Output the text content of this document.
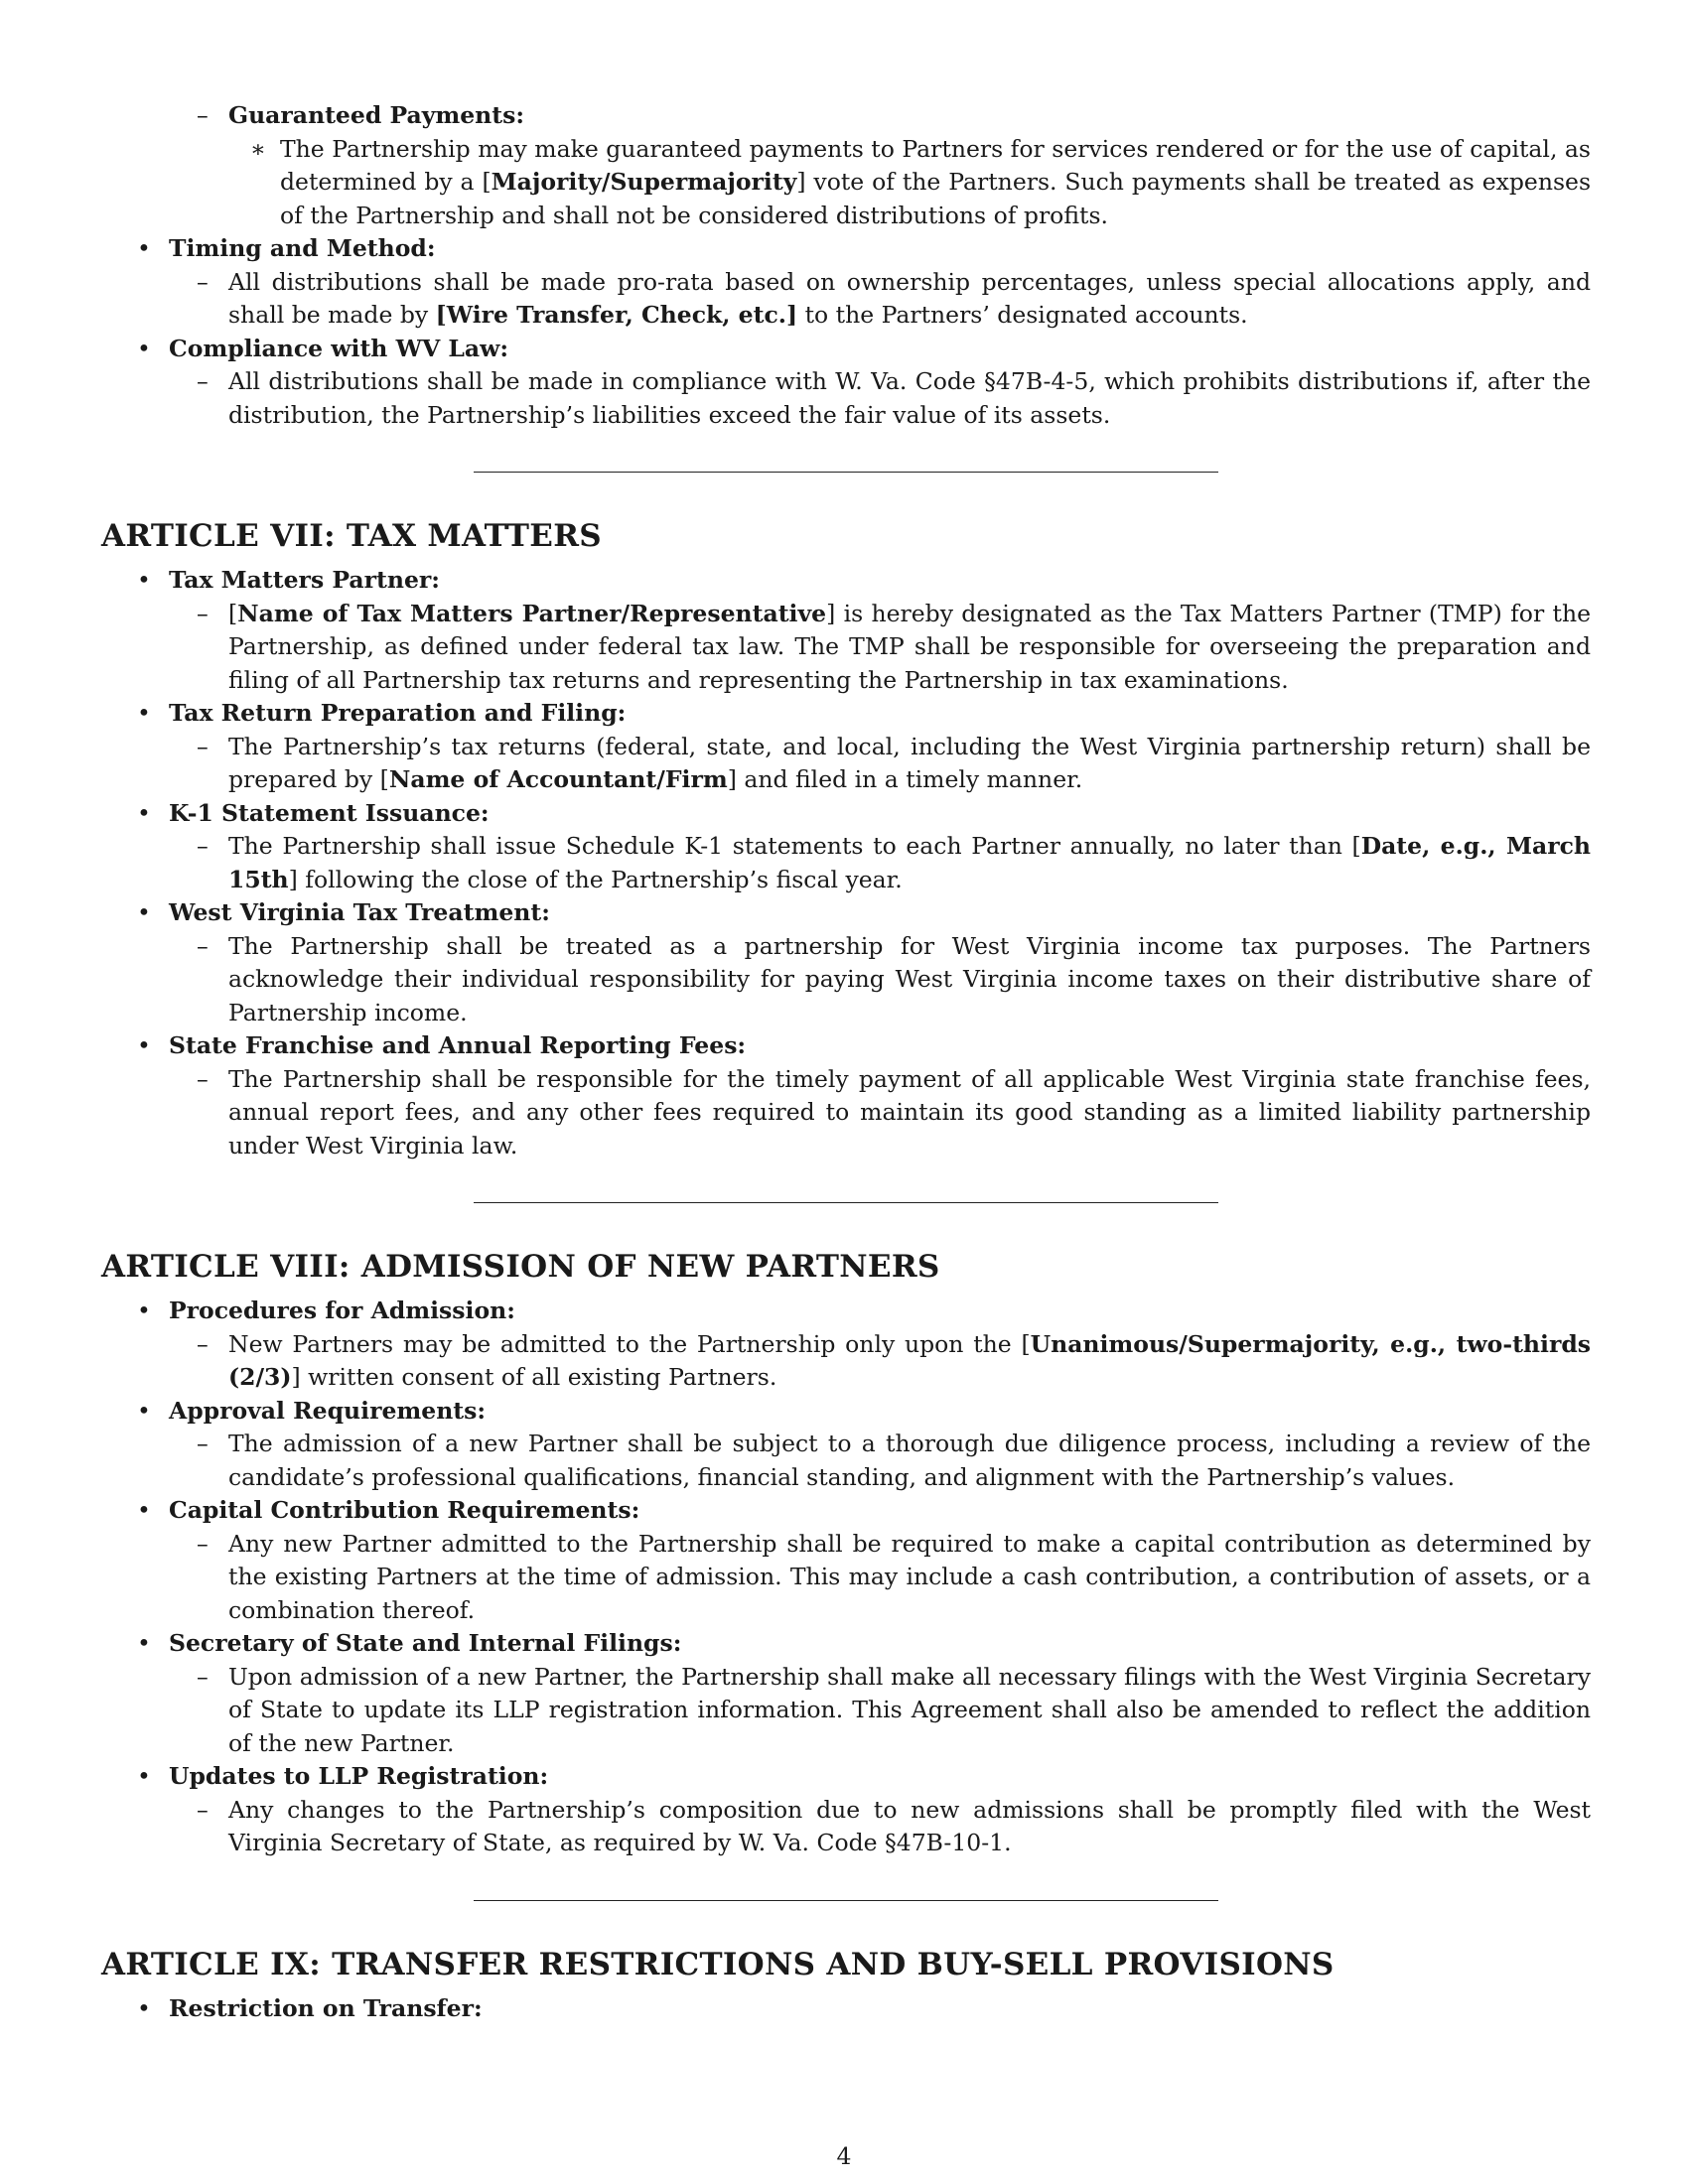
– Guaranteed Payments:
∗ The Partnership may make guaranteed payments to Partners for services rendered or for the use of capital, as determined by a [Majority/Supermajority] vote of the Partners. Such payments shall be treated as expenses of the Partnership and shall not be considered distributions of profits.
• Timing and Method:
– All distributions shall be made pro-rata based on ownership percentages, unless special allocations apply, and shall be made by [Wire Transfer, Check, etc.] to the Partners’ designated accounts.
• Compliance with WV Law:
– All distributions shall be made in compliance with W. Va. Code §47B-4-5, which prohibits distributions if, after the distribution, the Partnership’s liabilities exceed the fair value of its assets.
ARTICLE VII: TAX MATTERS
• Tax Matters Partner:
– [Name of Tax Matters Partner/Representative] is hereby designated as the Tax Matters Partner (TMP) for the Partnership, as defined under federal tax law. The TMP shall be responsible for overseeing the preparation and filing of all Partnership tax returns and representing the Partnership in tax examinations.
• Tax Return Preparation and Filing:
– The Partnership’s tax returns (federal, state, and local, including the West Virginia partnership return) shall be prepared by [Name of Accountant/Firm] and filed in a timely manner.
• K-1 Statement Issuance:
– The Partnership shall issue Schedule K-1 statements to each Partner annually, no later than [Date, e.g., March 15th] following the close of the Partnership’s fiscal year.
• West Virginia Tax Treatment:
– The Partnership shall be treated as a partnership for West Virginia income tax purposes. The Partners acknowledge their individual responsibility for paying West Virginia income taxes on their distributive share of Partnership income.
• State Franchise and Annual Reporting Fees:
– The Partnership shall be responsible for the timely payment of all applicable West Virginia state franchise fees, annual report fees, and any other fees required to maintain its good standing as a limited liability partnership under West Virginia law.
ARTICLE VIII: ADMISSION OF NEW PARTNERS
• Procedures for Admission:
– New Partners may be admitted to the Partnership only upon the [Unanimous/Supermajority, e.g., two-thirds (2/3)] written consent of all existing Partners.
• Approval Requirements:
– The admission of a new Partner shall be subject to a thorough due diligence process, including a review of the candidate’s professional qualifications, financial standing, and alignment with the Partnership’s values.
• Capital Contribution Requirements:
– Any new Partner admitted to the Partnership shall be required to make a capital contribution as determined by the existing Partners at the time of admission. This may include a cash contribution, a contribution of assets, or a combination thereof.
• Secretary of State and Internal Filings:
– Upon admission of a new Partner, the Partnership shall make all necessary filings with the West Virginia Secretary of State to update its LLP registration information. This Agreement shall also be amended to reflect the addition of the new Partner.
• Updates to LLP Registration:
– Any changes to the Partnership’s composition due to new admissions shall be promptly filed with the West Virginia Secretary of State, as required by W. Va. Code §47B-10-1.
ARTICLE IX: TRANSFER RESTRICTIONS AND BUY-SELL PROVISIONS
• Restriction on Transfer:
4
